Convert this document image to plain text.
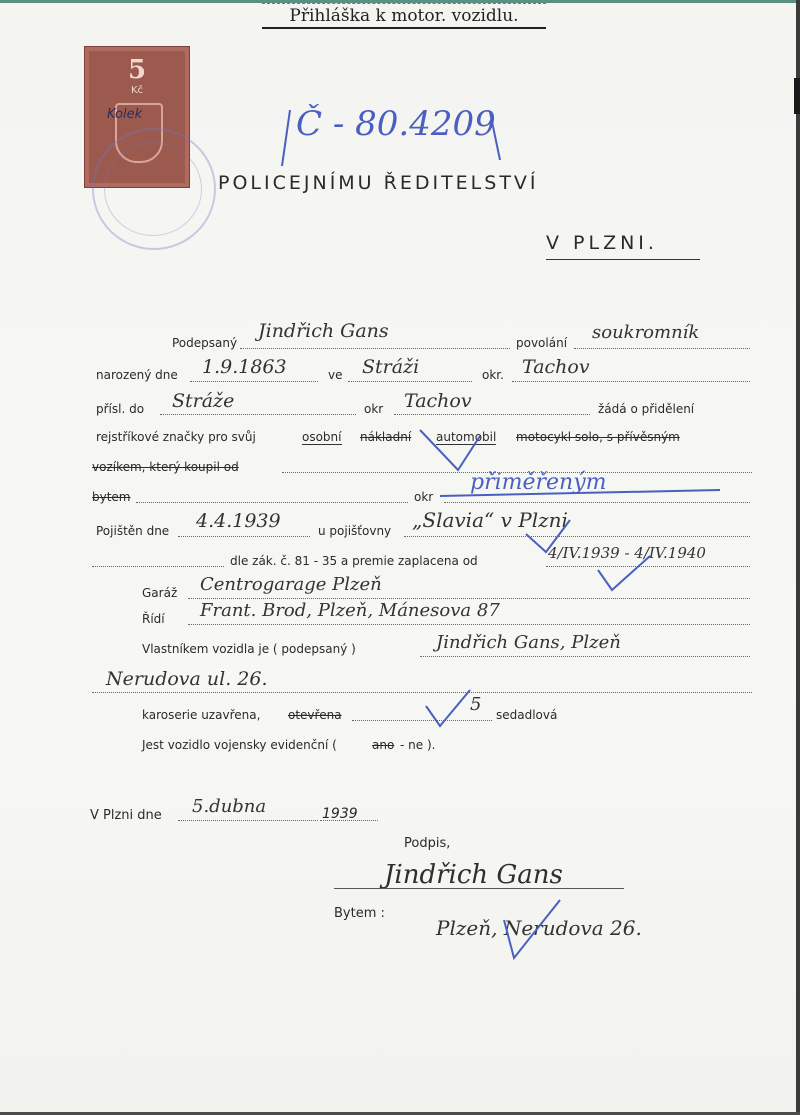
Přihláška k motor. vozidlu.
5
Kč
Kolek	Č - 80.4209
POLICEJNÍMU ŘEDITELSTVÍ
V PLZNI.
Podepsaný
Jindřich Gans
povolání soukromník
narozený dne 1.9.1863	ve Stráži	okr. Tachov
přísl. do Stráže	okr Tachov	žádá o přidělení
rejstříkové značky pro svůj	osobní nákladní automobil motocykl solo, s přívěsným
vozíkem, který koupil od
bytem	okr
přiměřeným
Pojištěn dne 4.4.1939	u pojišťovny „Slavia“ v Plzni
dle zák. č. 81 - 35 a premie zaplacena od	4/IV.1939 - 4/IV.1940
Garáž Centrogarage Plzeň
Řídí Frant. Brod, Plzeň, Mánesova 87
Vlastníkem vozidla je ( podepsaný )	Jindřich Gans, Plzeň
Nerudova ul. 26.
karoserie uzavřena, otevřena	5 sedadlová
Jest vozidlo vojensky evidenční (	ano - ne ).
V Plzni dne 5.dubna	1939
Podpis,
Jindřich Gans
Bytem :
Plzeň, Nerudova 26.
